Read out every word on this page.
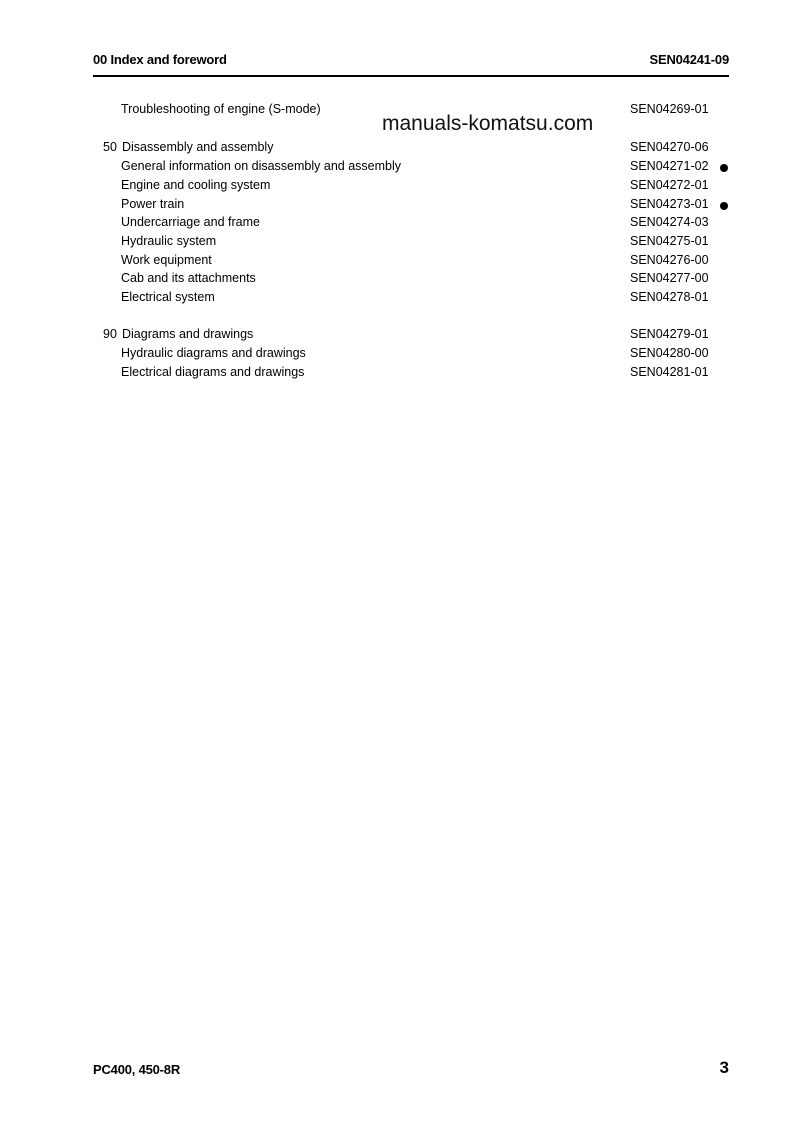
00 Index and foreword	SEN04241-09
manuals-komatsu.com
Troubleshooting of engine (S-mode)	SEN04269-01
50 Disassembly and assembly	SEN04270-06
General information on disassembly and assembly	SEN04271-02
Engine and cooling system	SEN04272-01
Power train	SEN04273-01
Undercarriage and frame	SEN04274-03
Hydraulic system	SEN04275-01
Work equipment	SEN04276-00
Cab and its attachments	SEN04277-00
Electrical system	SEN04278-01
90 Diagrams and drawings	SEN04279-01
Hydraulic diagrams and drawings	SEN04280-00
Electrical diagrams and drawings	SEN04281-01
PC400, 450-8R	3
